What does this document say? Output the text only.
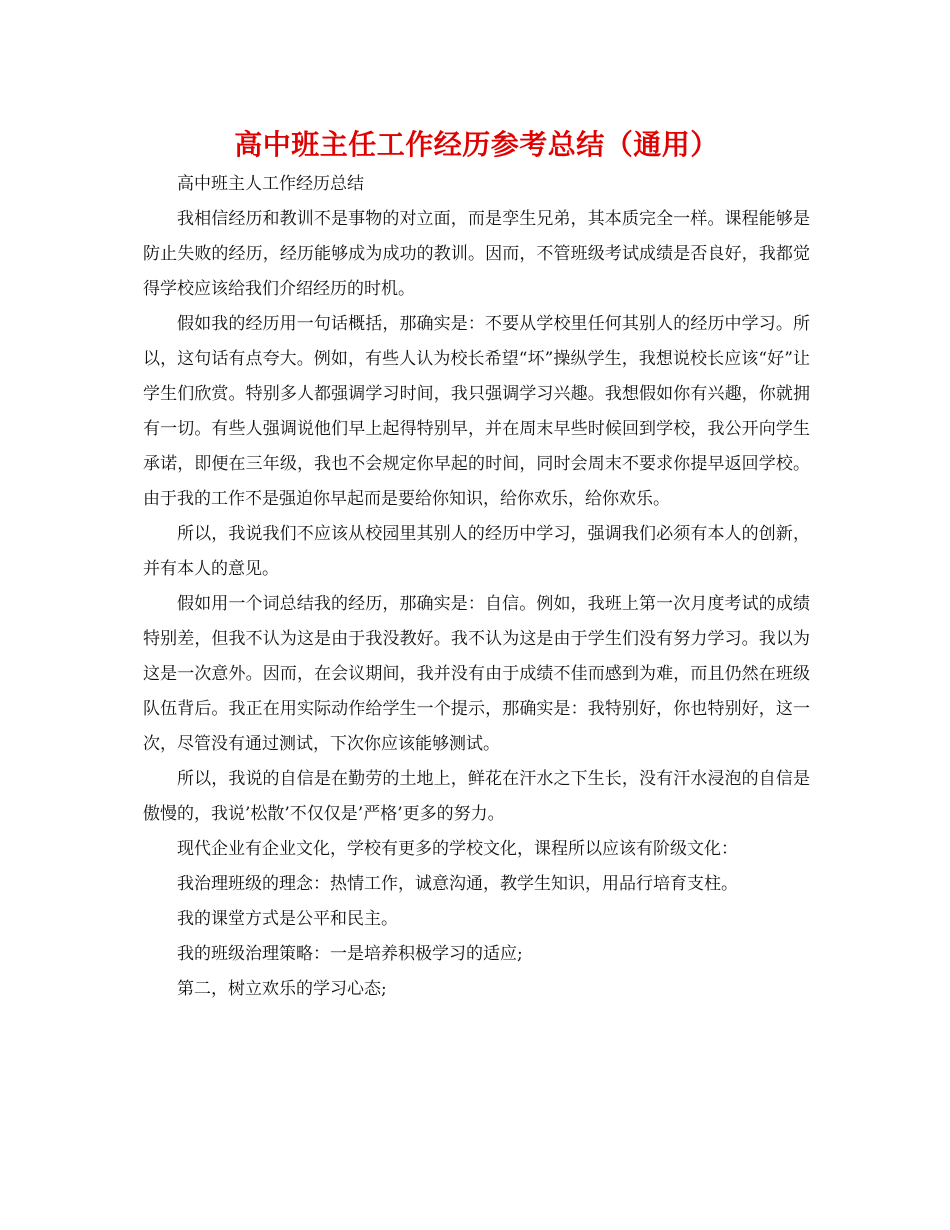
高中班主任工作经历参考总结（通用）

高中班主人工作经历总结

我相信经历和教训不是事物的对立面，而是孪生兄弟，其本质完全一样。课程能够是防止失败的经历，经历能够成为成功的教训。因而，不管班级考试成绩是否良好，我都觉得学校应该给我们介绍经历的时机。

假如我的经历用一句话概括，那确实是：不要从学校里任何其别人的经历中学习。所以，这句话有点夸大。例如，有些人认为校长希望“坏”操纵学生，我想说校长应该“好”让学生们欣赏。特别多人都强调学习时间，我只强调学习兴趣。我想假如你有兴趣，你就拥有一切。有些人强调说他们早上起得特别早，并在周末早些时候回到学校，我公开向学生承诺，即便在三年级，我也不会规定你早起的时间，同时会周末不要求你提早返回学校。由于我的工作不是强迫你早起而是要给你知识，给你欢乐，给你欢乐。

所以，我说我们不应该从校园里其别人的经历中学习，强调我们必须有本人的创新，并有本人的意见。

假如用一个词总结我的经历，那确实是：自信。例如，我班上第一次月度考试的成绩特别差，但我不认为这是由于我没教好。我不认为这是由于学生们没有努力学习。我以为这是一次意外。因而，在会议期间，我并没有由于成绩不佳而感到为难，而且仍然在班级队伍背后。我正在用实际动作给学生一个提示，那确实是：我特别好，你也特别好，这一次，尽管没有通过测试，下次你应该能够测试。

所以，我说的自信是在勤劳的土地上，鲜花在汗水之下生长，没有汗水浸泡的自信是傲慢的，我说’松散’不仅仅是’严格’更多的努力。

现代企业有企业文化，学校有更多的学校文化，课程所以应该有阶级文化：

我治理班级的理念：热情工作，诚意沟通，教学生知识，用品行培育支柱。

我的课堂方式是公平和民主。

我的班级治理策略：一是培养积极学习的适应;

第二，树立欢乐的学习心态;
